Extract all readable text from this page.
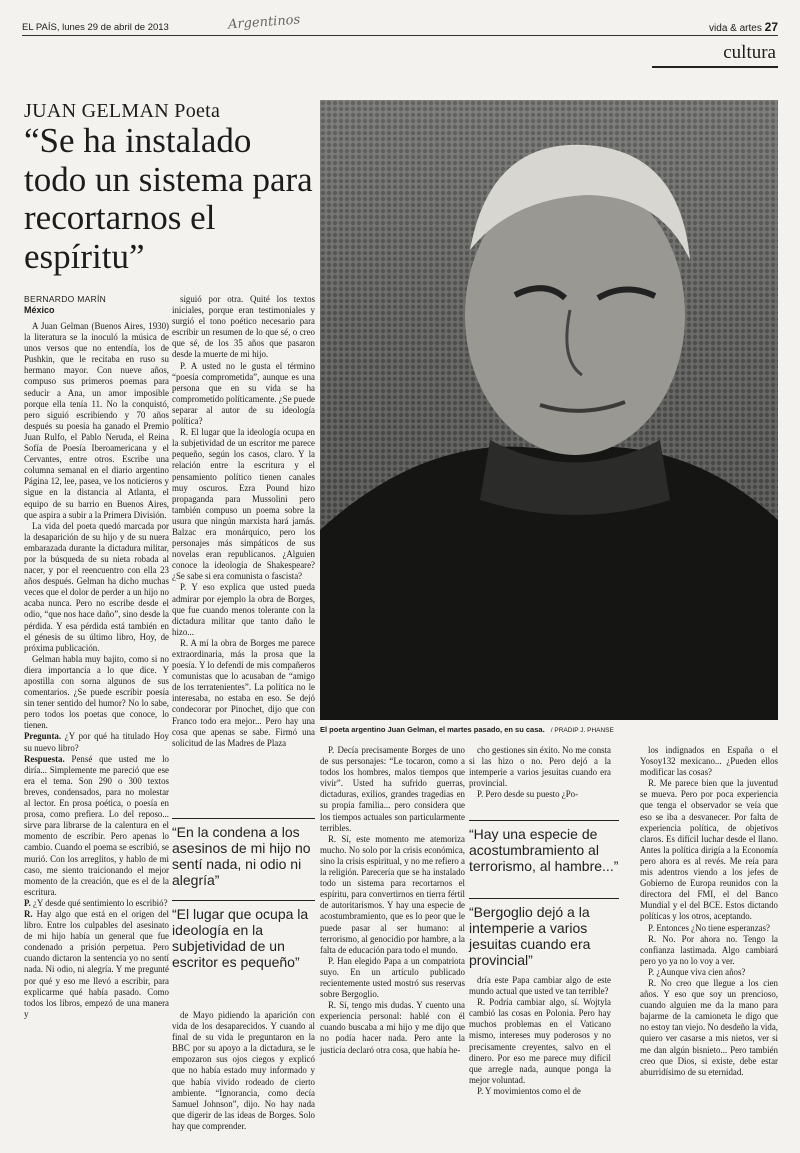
EL PAÍS, lunes 29 de abril de 2013	Argentinos	vida & artes 27
cultura
JUAN GELMAN Poeta
“Se ha instalado todo un sistema para recortarnos el espíritu”
BERNARDO MARÍN
México
El poeta argentino Juan Gelman, el martes pasado, en su casa. / PRADIP J. PHANSE

A Juan Gelman (Buenos Aires, 1930) la literatura se la inoculó la música de unos versos que no entendía, los de Pushkin, que le recitaba en ruso su hermano mayor. Con nueve años, compuso sus primeros poemas para seducir a Ana, un amor imposible porque ella tenía 11. No la conquistó, pero siguió escribiendo y 70 años después su poesía ha ganado el Premio Juan Rulfo, el Pablo Neruda, el Reina Sofía de Poesía Iberoamericana y el Cervantes, entre otros. Escribe una columna semanal en el diario argentino Página 12, lee, pasea, ve los noticieros y sigue en la distancia al Atlanta, el equipo de su barrio en Buenos Aires, que aspira a subir a la Primera División.

La vida del poeta quedó marcada por la desaparición de su hijo y de su nuera embarazada durante la dictadura militar, por la búsqueda de su nieta robada al nacer, y por el reencuentro con ella 23 años después. Gelman ha dicho muchas veces que el dolor de perder a un hijo no acaba nunca. Pero no escribe desde el odio, “que nos hace daño”, sino desde la pérdida. Y esa pérdida está también en el génesis de su último libro, Hoy, de próxima publicación.

Gelman habla muy bajito, como si no diera importancia a lo que dice. Y apostilla con sorna algunos de sus comentarios. ¿Se puede escribir poesía sin tener sentido del humor? No lo sabe, pero todos los poetas que conoce, lo tienen.

Pregunta. ¿Y por qué ha titulado Hoy su nuevo libro?

Respuesta. Pensé que usted me lo diría... Simplemente me pareció que ese era el tema. Son 290 o 300 textos breves, condensados, para no molestar al lector. En prosa poética, o poesía en prosa, como prefiera. Lo del reposo... sirve para librarse de la calentura en el momento de escribir. Pero apenas lo cambio. Cuando el poema se escribió, se murió. Con los arreglitos, y hablo de mi caso, me siento traicionando el mejor momento de la creación, que es el de la escritura.

P. ¿Y desde qué sentimiento lo escribió?

R. Hay algo que está en el origen del libro. Entre los culpables del asesinato de mi hijo había un general que fue condenado a prisión perpetua. Pero cuando dictaron la sentencia yo no sentí nada. Ni odio, ni alegría. Y me pregunté por qué y eso me llevó a escribir, para explicarme qué había pasado. Como todos los libros, empezó de una manera y

siguió por otra. Quité los textos iniciales, porque eran testimoniales y surgió el tono poético necesario para escribir un resumen de lo que sé, o creo que sé, de los 35 años que pasaron desde la muerte de mi hijo.

P. A usted no le gusta el término “poesía comprometida”, aunque es una persona que en su vida se ha comprometido políticamente. ¿Se puede separar al autor de su ideología política?

R. El lugar que la ideología ocupa en la subjetividad de un escritor me parece pequeño, según los casos, claro. Y la relación entre la escritura y el pensamiento político tienen canales muy oscuros. Ezra Pound hizo propaganda para Mussolini pero también compuso un poema sobre la usura que ningún marxista hará jamás. Balzac era monárquico, pero los personajes más simpáticos de sus novelas eran republicanos. ¿Alguien conoce la ideología de Shakespeare? ¿Se sabe si era comunista o fascista?

P. Y eso explica que usted pueda admirar por ejemplo la obra de Borges, que fue cuando menos tolerante con la dictadura militar que tanto daño le hizo...

R. A mí la obra de Borges me parece extraordinaria, más la prosa que la poesía. Y lo defendí de mis compañeros comunistas que lo acusaban de “amigo de los terratenientes”. La política no le interesaba, no estaba en eso. Se dejó condecorar por Pinochet, dijo que con Franco todo era mejor... Pero hay una cosa que apenas se sabe. Firmó una solicitud de las Madres de Plaza

“En la condena a los asesinos de mi hijo no sentí nada, ni odio ni alegría”
“El lugar que ocupa la ideología en la subjetividad de un escritor es pequeño”

de Mayo pidiendo la aparición con vida de los desaparecidos. Y cuando al final de su vida le preguntaron en la BBC por su apoyo a la dictadura, se le empozaron sus ojos ciegos y explicó que no había estado muy informado y que había vivido rodeado de cierto ambiente. “Ignorancia, como decía Samuel Johnson”, dijo. No hay nada que digerir de las ideas de Borges. Solo hay que comprender.

P. Decía precisamente Borges de uno de sus personajes: “Le tocaron, como a todos los hombres, malos tiempos que vivir”. Usted ha sufrido guerras, dictaduras, exilios, grandes tragedias en su propia familia... pero considera que los tiempos actuales son particularmente terribles.

R. Sí, este momento me atemoriza mucho. No solo por la crisis económica, sino la crisis espiritual, y no me refiero a la religión. Parecería que se ha instalado todo un sistema para recortarnos el espíritu, para convertirnos en tierra fértil de autoritarismos. Y hay una especie de acostumbramiento, que es lo peor que le puede pasar al ser humano: al terrorismo, al genocidio por hambre, a la falta de educación para todo el mundo.

P. Han elegido Papa a un compatriota suyo. En un artículo publicado recientemente usted mostró sus reservas sobre Bergoglio.

R. Sí, tengo mis dudas. Y cuento una experiencia personal: hablé con él cuando buscaba a mi hijo y me dijo que no podía hacer nada. Pero ante la justicia declaró otra cosa, que había he-

cho gestiones sin éxito. No me consta si las hizo o no. Pero dejó a la intemperie a varios jesuitas cuando era provincial.

P. Pero desde su puesto ¿Po-

“Hay una especie de acostumbramiento al terrorismo, al hambre...”
“Bergoglio dejó a la intemperie a varios jesuitas cuando era provincial”

dría este Papa cambiar algo de este mundo actual que usted ve tan terrible?

R. Podría cambiar algo, sí. Wojtyla cambió las cosas en Polonia. Pero hay muchos problemas en el Vaticano mismo, intereses muy poderosos y no precisamente creyentes, salvo en el dinero. Por eso me parece muy difícil que arregle nada, aunque ponga la mejor voluntad.

P. Y movimientos como el de

los indignados en España o el Yosoy132 mexicano... ¿Pueden ellos modificar las cosas?

R. Me parece bien que la juventud se mueva. Pero por poca experiencia que tenga el observador se veía que eso se iba a desvanecer. Por falta de experiencia política, de objetivos claros. Es difícil luchar desde el llano. Antes la política dirigía a la Economía pero ahora es al revés. Me reía para mis adentros viendo a los jefes de Gobierno de Europa reunidos con la directora del FMI, el del Banco Mundial y el del BCE. Estos dictando políticas y los otros, aceptando.

P. Entonces ¿No tiene esperanzas?

R. No. Por ahora no. Tengo la confianza lastimada. Algo cambiará pero yo ya no lo voy a ver.

P. ¿Aunque viva cien años?

R. No creo que llegue a los cien años. Y eso que soy un prenciosо, cuando alguien me da la mano para bajarme de la camioneta le digo que no estoy tan viejo. No desdeño la vida, quiero ver casarse a mis nietos, ver si me dan algún bisnieto... Pero también creo que Dios, si existe, debe estar aburridísimo de su eternidad.
